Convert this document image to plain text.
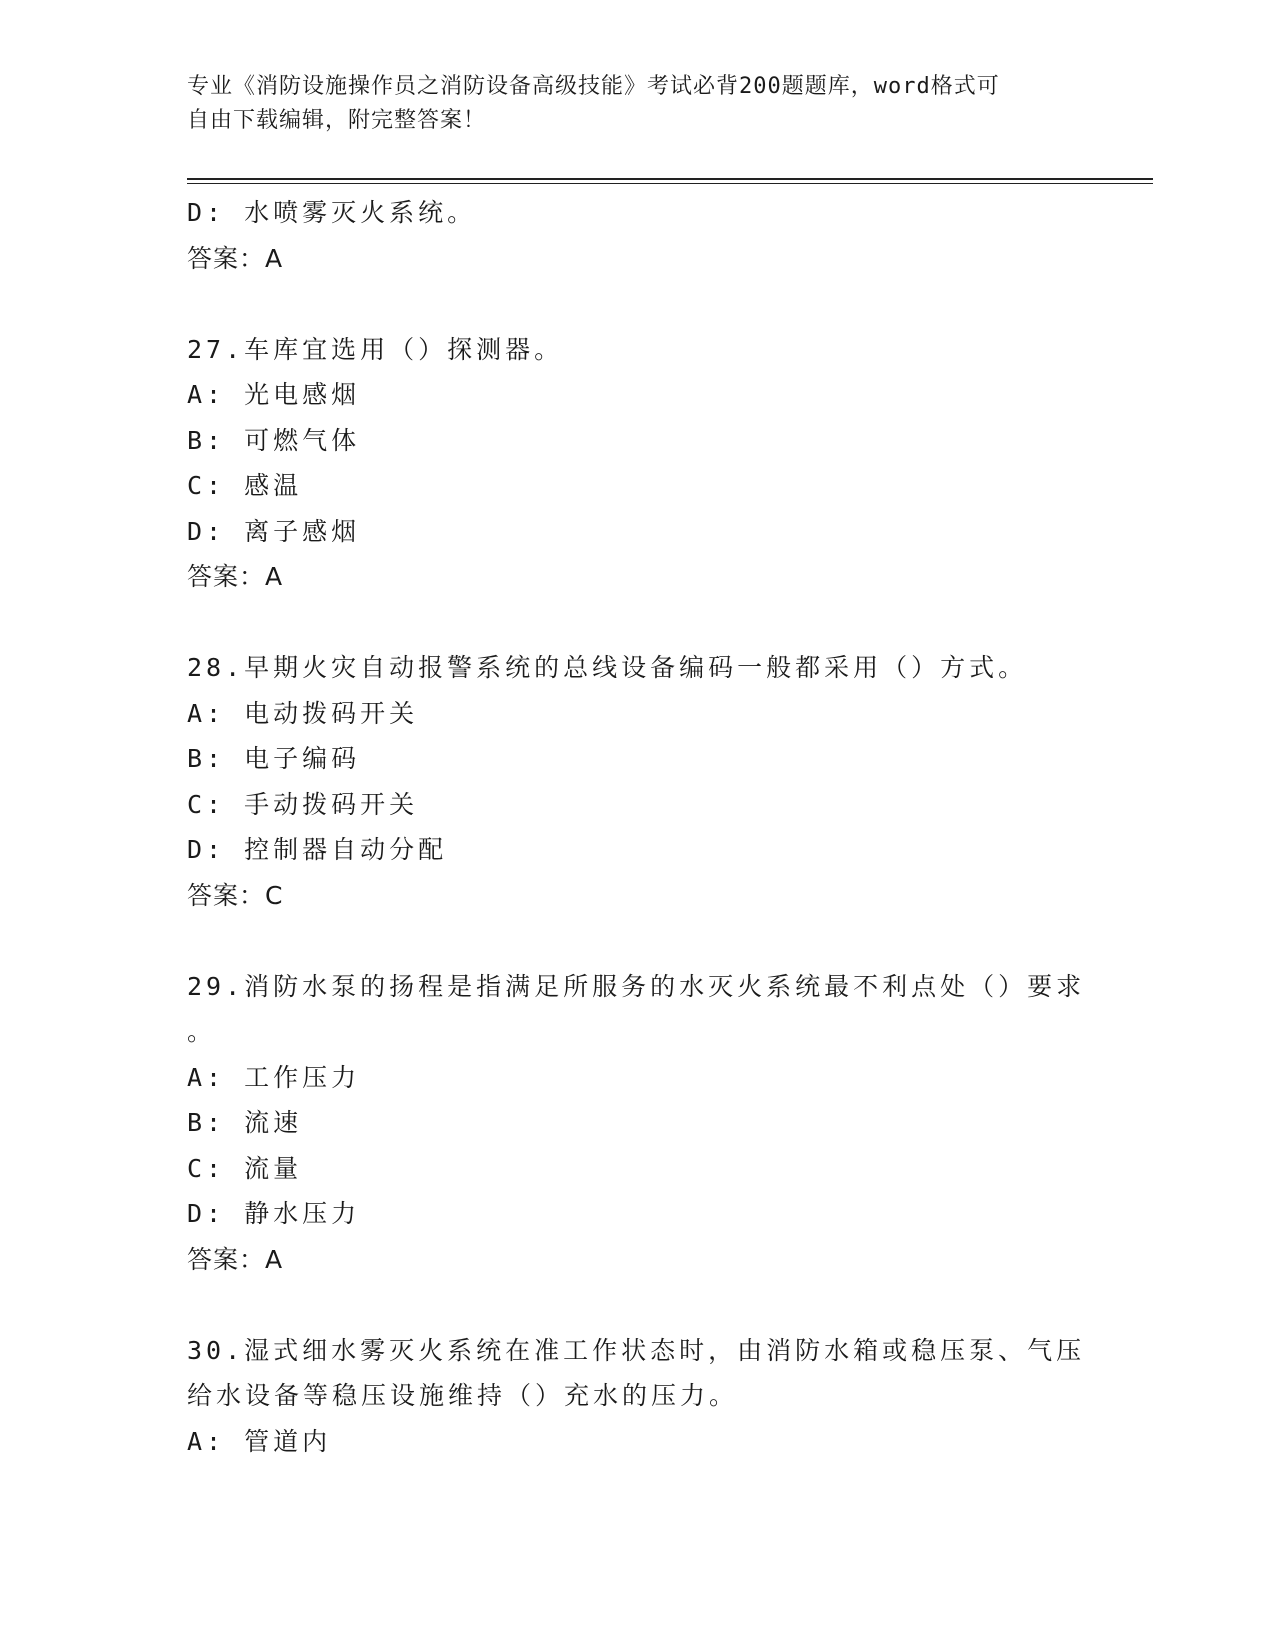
专业《消防设施操作员之消防设备高级技能》考试必背200题题库，word格式可
自由下载编辑，附完整答案！
D: 水喷雾灭火系统。
答案：A
27.车库宜选用（）探测器。
A: 光电感烟
B: 可燃气体
C: 感温
D: 离子感烟
答案：A
28.早期火灾自动报警系统的总线设备编码一般都采用（）方式。
A: 电动拨码开关
B: 电子编码
C: 手动拨码开关
D: 控制器自动分配
答案：C
29.消防水泵的扬程是指满足所服务的水灭火系统最不利点处（）要求
。
A: 工作压力
B: 流速
C: 流量
D: 静水压力
答案：A
30.湿式细水雾灭火系统在准工作状态时，由消防水箱或稳压泵、气压
给水设备等稳压设施维持（）充水的压力。
A: 管道内
